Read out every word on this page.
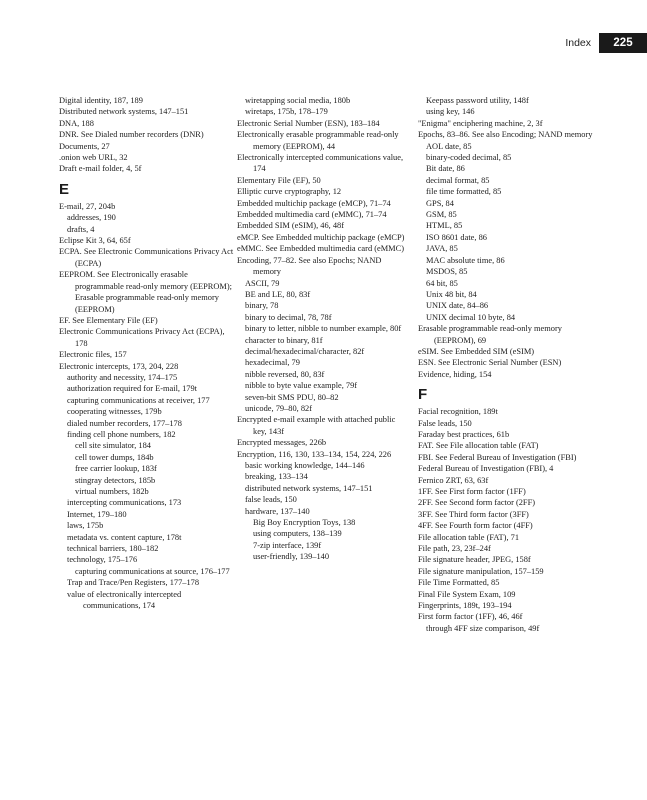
Index	225
Digital identity, 187, 189
Distributed network systems, 147–151
DNA, 188
DNR. See Dialed number recorders (DNR)
Documents, 27
.onion web URL, 32
Draft e-mail folder, 4, 5f
E
E-mail, 27, 204b
addresses, 190
drafts, 4
Eclipse Kit 3, 64, 65f
ECPA. See Electronic Communications Privacy Act (ECPA)
EEPROM. See Electronically erasable programmable read-only memory (EEPROM); Erasable programmable read-only memory (EEPROM)
EF. See Elementary File (EF)
Electronic Communications Privacy Act (ECPA), 178
Electronic files, 157
Electronic intercepts, 173, 204, 228
authority and necessity, 174–175
authorization required for E-mail, 179t
capturing communications at receiver, 177
cooperating witnesses, 179b
dialed number recorders, 177–178
finding cell phone numbers, 182
cell site simulator, 184
cell tower dumps, 184b
free carrier lookup, 183f
stingray detectors, 185b
virtual numbers, 182b
intercepting communications, 173
Internet, 179–180
laws, 175b
metadata vs. content capture, 178t
technical barriers, 180–182
technology, 175–176
capturing communications at source, 176–177
Trap and Trace/Pen Registers, 177–178
value of electronically intercepted communications, 174
wiretapping social media, 180b
wiretaps, 175b, 178–179
Electronic Serial Number (ESN), 183–184
Electronically erasable programmable read-only memory (EEPROM), 44
Electronically intercepted communications value, 174
Elementary File (EF), 50
Elliptic curve cryptography, 12
Embedded multichip package (eMCP), 71–74
Embedded multimedia card (eMMC), 71–74
Embedded SIM (eSIM), 46, 48f
eMCP. See Embedded multichip package (eMCP)
eMMC. See Embedded multimedia card (eMMC)
Encoding, 77–82. See also Epochs; NAND memory
ASCII, 79
BE and LE, 80, 83f
binary, 78
binary to decimal, 78, 78f
binary to letter, nibble to number example, 80f
character to binary, 81f
decimal/hexadecimal/character, 82f
hexadecimal, 79
nibble reversed, 80, 83f
nibble to byte value example, 79f
seven-bit SMS PDU, 80–82
unicode, 79–80, 82f
Encrypted e-mail example with attached public key, 143f
Encrypted messages, 226b
Encryption, 116, 130, 133–134, 154, 224, 226
basic working knowledge, 144–146
breaking, 133–134
distributed network systems, 147–151
false leads, 150
hardware, 137–140
Big Boy Encryption Toys, 138
using computers, 138–139
7-zip interface, 139f
user-friendly, 139–140
Keepass password utility, 148f
using key, 146
"Enigma" enciphering machine, 2, 3f
Epochs, 83–86. See also Encoding; NAND memory
AOL date, 85
binary-coded decimal, 85
Bit date, 86
decimal format, 85
file time formatted, 85
GPS, 84
GSM, 85
HTML, 85
ISO 8601 date, 86
JAVA, 85
MAC absolute time, 86
MSDOS, 85
64 bit, 85
Unix 48 bit, 84
UNIX date, 84–86
UNIX decimal 10 byte, 84
Erasable programmable read-only memory (EEPROM), 69
eSIM. See Embedded SIM (eSIM)
ESN. See Electronic Serial Number (ESN)
Evidence, hiding, 154
F
Facial recognition, 189t
False leads, 150
Faraday best practices, 61b
FAT. See File allocation table (FAT)
FBI. See Federal Bureau of Investigation (FBI)
Federal Bureau of Investigation (FBI), 4
Fernico ZRT, 63, 63f
1FF. See First form factor (1FF)
2FF. See Second form factor (2FF)
3FF. See Third form factor (3FF)
4FF. See Fourth form factor (4FF)
File allocation table (FAT), 71
File path, 23, 23f–24f
File signature header, JPEG, 158f
File signature manipulation, 157–159
File Time Formatted, 85
Final File System Exam, 109
Fingerprints, 189t, 193–194
First form factor (1FF), 46, 46f
through 4FF size comparison, 49f
